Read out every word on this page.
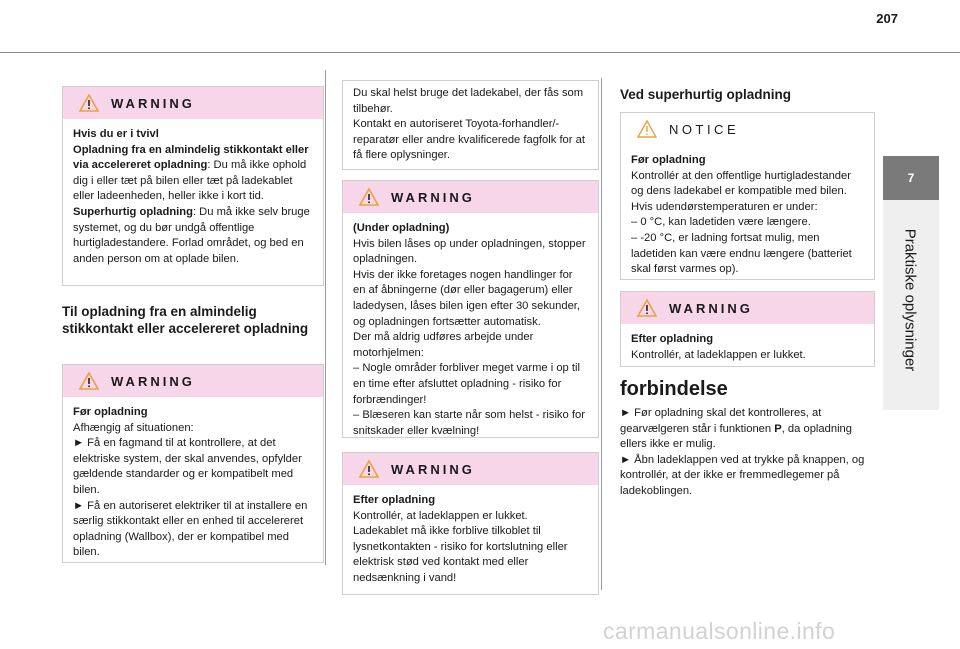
207
7
Praktiske oplysninger
WARNING

Hvis du er i tvivl

Opladning fra en almindelig stikkontakt eller via accelereret opladning: Du må ikke ophold dig i eller tæt på bilen eller tæt på ladekablet eller ladeenheden, heller ikke i kort tid.

Superhurtig opladning: Du må ikke selv bruge systemet, og du bør undgå offentlige hurtigladestandere. Forlad området, og bed en anden person om at oplade bilen.

Til opladning fra en almindelig stikkontakt eller accelereret opladning
WARNING

Før opladning

Afhængig af situationen:

► Få en fagmand til at kontrollere, at det elektriske system, der skal anvendes, opfylder gældende standarder og er kompatibelt med bilen.

► Få en autoriseret elektriker til at installere en særlig stikkontakt eller en enhed til accelereret opladning (Wallbox), der er kompatibel med bilen.

Du skal helst bruge det ladekabel, der fås som tilbehør.
Kontakt en autoriseret Toyota-forhandler/-reparatør eller andre kvalificerede fagfolk for at få flere oplysninger.
WARNING

(Under opladning)

Hvis bilen låses op under opladningen, stopper opladningen.

Hvis der ikke foretages nogen handlinger for en af åbningerne (dør eller bagagerum) eller ladedysen, låses bilen igen efter 30 sekunder, og opladningen fortsætter automatisk.

Der må aldrig udføres arbejde under motorhjelmen:

– Nogle områder forbliver meget varme i op til en time efter afsluttet opladning - risiko for forbrændinger!

– Blæseren kan starte når som helst - risiko for snitskader eller kvælning!

WARNING

Efter opladning

Kontrollér, at ladeklappen er lukket.

Ladekablet må ikke forblive tilkoblet til lysnetkontakten - risiko for kortslutning eller elektrisk stød ved kontakt med eller nedsænkning i vand!

Ved superhurtig opladning
NOTICE

Før opladning

Kontrollér at den offentlige hurtigladestander og dens ladekabel er kompatible med bilen.

Hvis udendørstemperaturen er under:

– 0 °C, kan ladetiden være længere.

– -20 °C, er ladning fortsat mulig, men ladetiden kan være endnu længere (batteriet skal først varmes op).

WARNING

Efter opladning

Kontrollér, at ladeklappen er lukket.

forbindelse

► Før opladning skal det kontrolleres, at gearvælgeren står i funktionen P, da opladning ellers ikke er mulig.

► Åbn ladeklappen ved at trykke på knappen, og kontrollér, at der ikke er fremmedlegemer på ladekoblingen.

carmanualsonline.info
